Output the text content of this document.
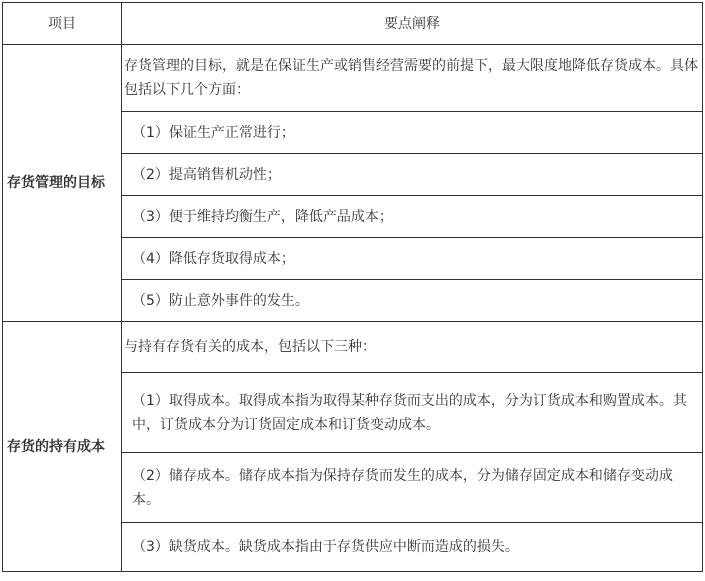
项目	要点阐释
存货管理的目标	存货管理的目标，就是在保证生产或销售经营需要的前提下，最大限度地降低存货成本。具体包括以下几个方面：
	（1）保证生产正常进行；
	（2）提高销售机动性；
	（3）便于维持均衡生产，降低产品成本；
	（4）降低存货取得成本；
	（5）防止意外事件的发生。
存货的持有成本	与持有存货有关的成本，包括以下三种：
	（1）取得成本。取得成本指为取得某种存货而支出的成本，分为订货成本和购置成本。其中，订货成本分为订货固定成本和订货变动成本。
	（2）储存成本。储存成本指为保持存货而发生的成本，分为储存固定成本和储存变动成本。
	（3）缺货成本。缺货成本指由于存货供应中断而造成的损失。
